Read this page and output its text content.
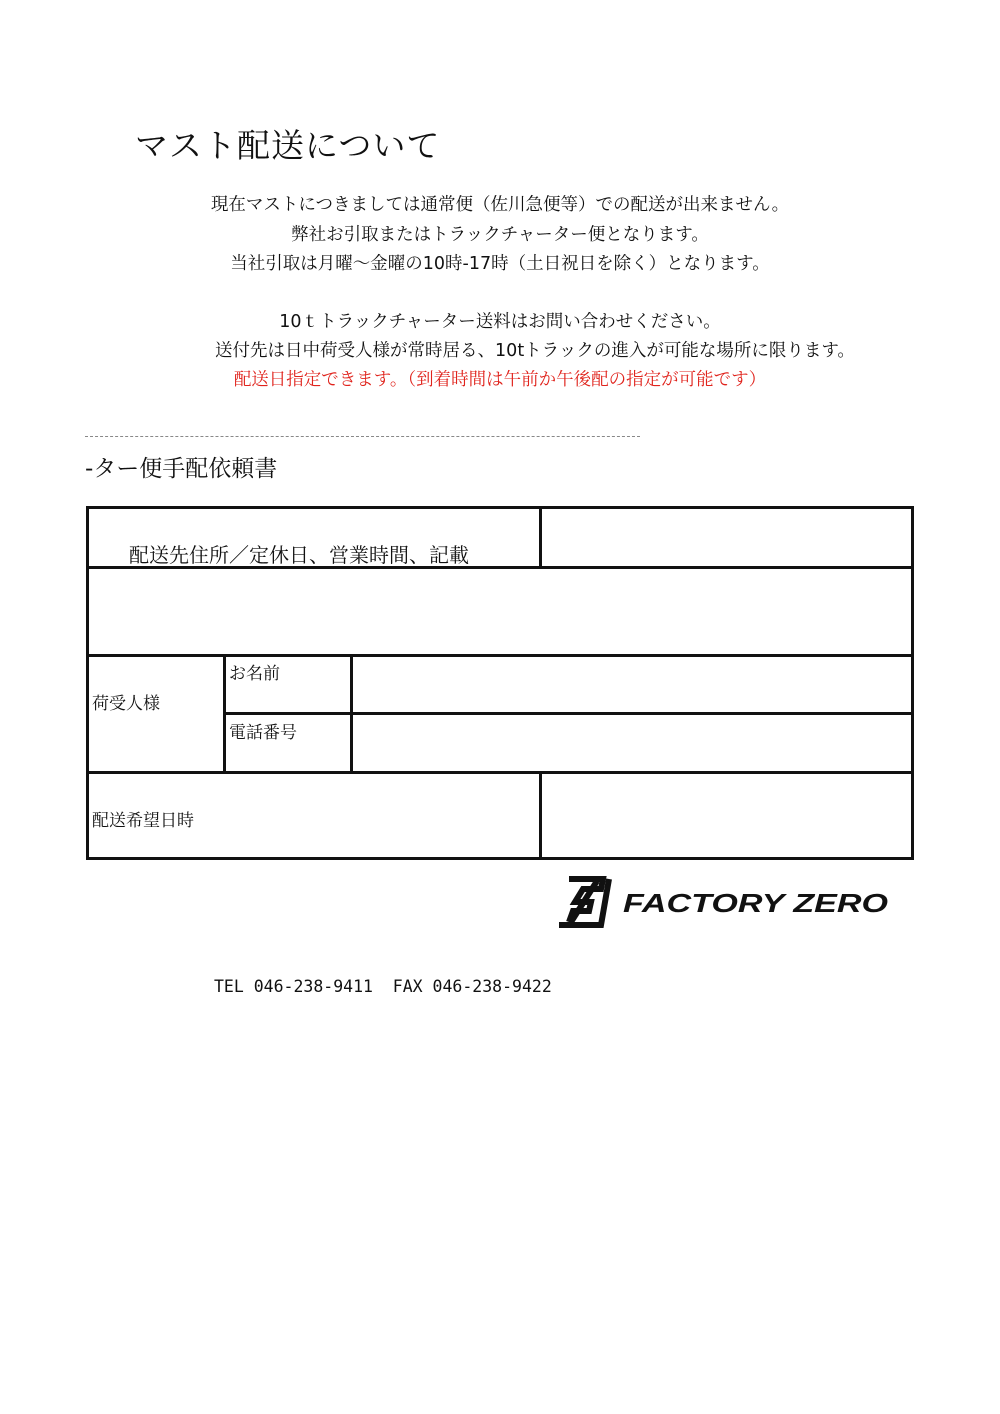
マスト配送について
現在マストにつきましては通常便（佐川急便等）での配送が出来ません。
弊社お引取またはトラックチャーター便となります。
当社引取は月曜～金曜の10時-17時（土日祝日を除く）となります。
10ｔトラックチャーター送料はお問い合わせください。
送付先は日中荷受人様が常時居る、10tトラックの進入が可能な場所に限ります。
配送日指定できます。（到着時間は午前か午後配の指定が可能です）
-ター便手配依頼書
配送先住所／定休日、営業時間、記載
荷受人様
お名前
電話番号
配送希望日時
FACTORY ZERO
TEL 046-238-9411  FAX 046-238-9422
